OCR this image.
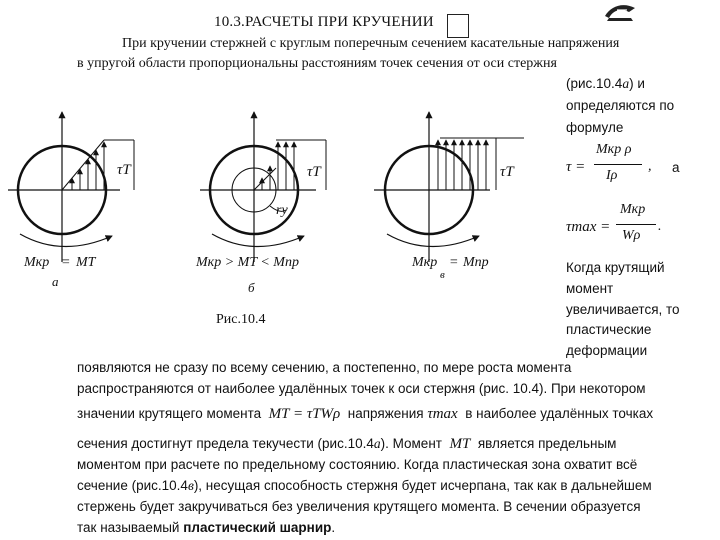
10.3.РАСЧЕТЫ ПРИ КРУЧЕНИИ
При кручении стержней с круглым поперечным сечением касательные напряжения
в упругой области пропорциональны расстояниям точек сечения от оси стержня
(рис.10.4а) и
определяются по
формуле
τ =
Mкр ρ
Iρ
, а
τmax =
Mкр
Wρ
.
Когда крутящий
момент
увеличивается, то
пластические
деформации
τT
Mкр = MT
а
τT
rу
Mкр > MT < Mпр
б
τT
Mкр = Mпр
в
Рис.10.4
появляются не сразу по всему сечению, а постепенно, по мере роста момента
распространяются от наиболее удалённых точек к оси стержня (рис. 10.4). При некотором
значении крутящего момента MT = τTWρ напряжения τmax в наиболее удалённых точках
сечения достигнут предела текучести (рис.10.4а). Момент MT является предельным
моментом при расчете по предельному состоянию. Когда пластическая зона охватит всё
сечение (рис.10.4в), несущая способность стержня будет исчерпана, так как в дальнейшем
стержень будет закручиваться без увеличения крутящего момента. В сечении образуется
так называемый пластический шарнир.
